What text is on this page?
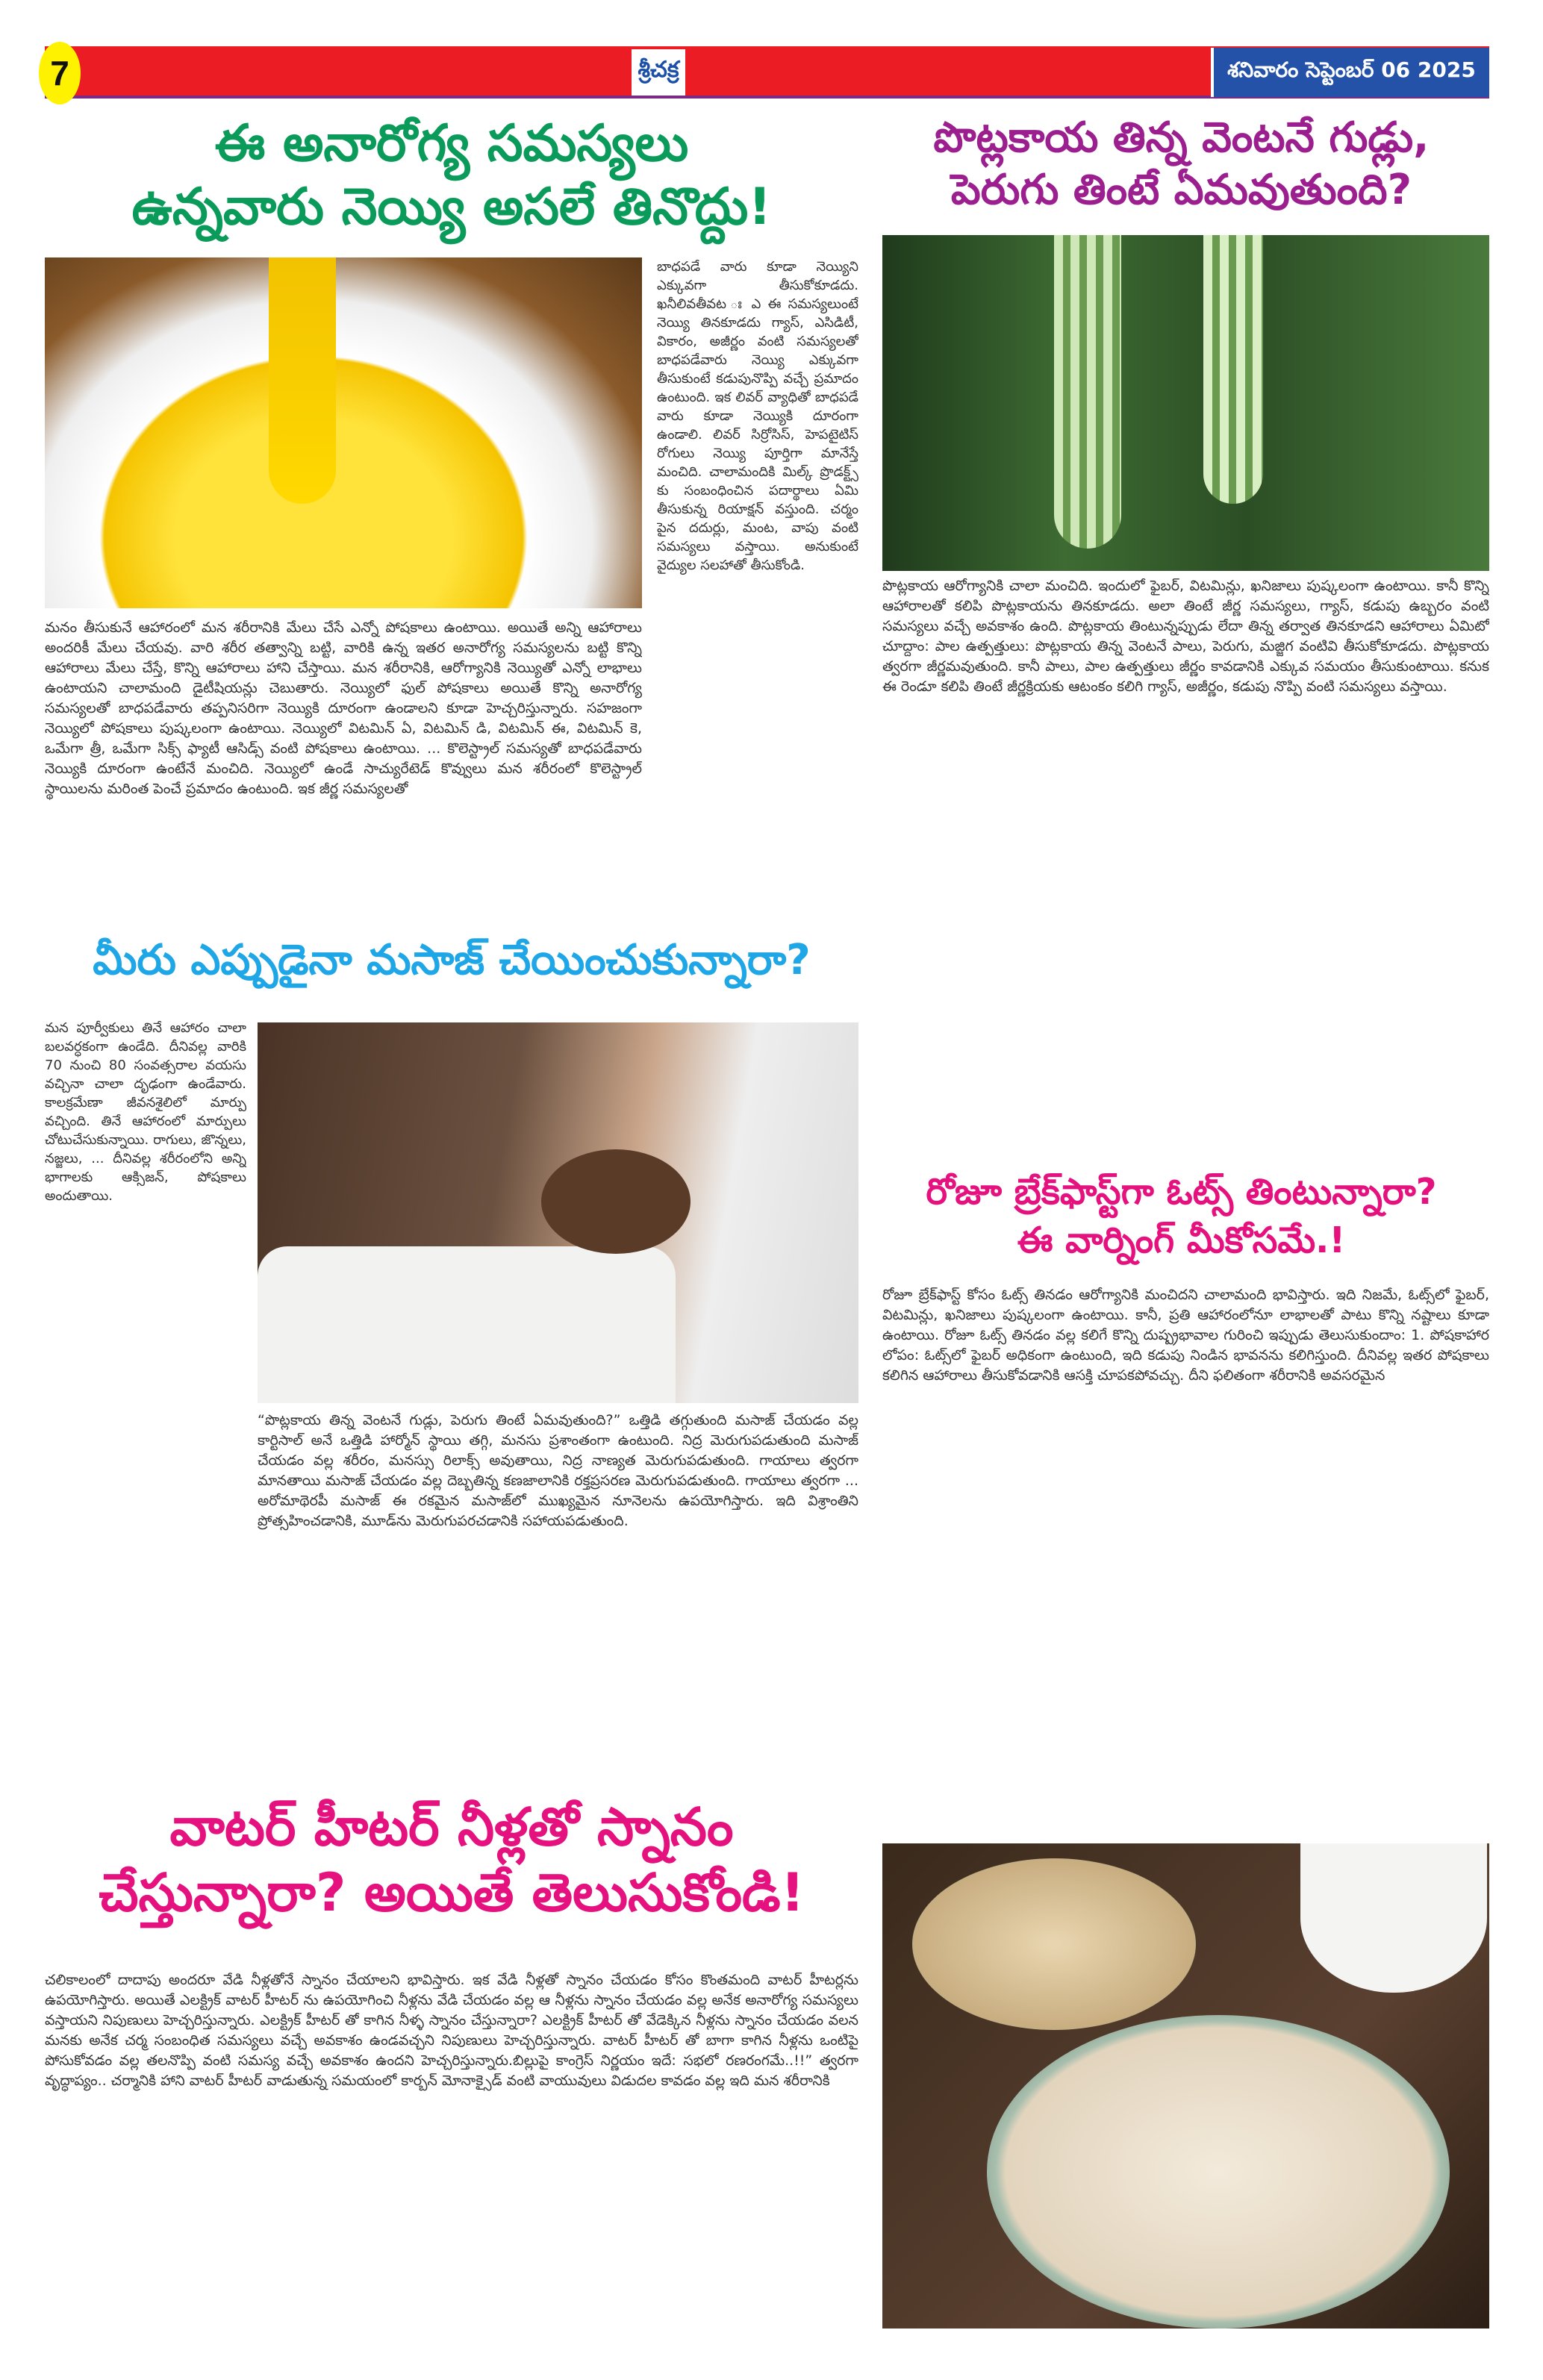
7	శ్రీచక్ర	శనివారం సెప్టెంబర్ 06 2025
ఈ అనారోగ్య సమస్యలు
ఉన్నవారు నెయ్యి అసలే తినొద్దు!
బాధపడే వారు కూడా నెయ్యిని ఎక్కువగా తీసుకోకూడదు. ఖనీలివతీవట ః ఎ ఈ సమస్యలుంటే నెయ్యి తినకూడదు గ్యాస్, ఎసిడిటీ, వికారం, అజీర్ణం వంటి సమస్యలతో బాధపడేవారు నెయ్యి ఎక్కువగా తీసుకుంటే కడుపునొప్పి వచ్చే ప్రమాదం ఉంటుంది. ఇక లివర్ వ్యాధితో బాధపడే వారు కూడా నెయ్యికి దూరంగా ఉండాలి. లివర్ సిర్రోసిస్, హెపటైటిస్ రోగులు నెయ్యి పూర్తిగా మానేస్తే మంచిది. చాలామందికి మిల్క్ ప్రొడక్ట్స్ కు సంబంధించిన పదార్థాలు ఏమి తీసుకున్న రియాక్షన్ వస్తుంది. చర్మం పైన దదుర్లు, మంట, వాపు వంటి సమస్యలు వస్తాయి. అనుకుంటే వైద్యుల సలహాతో తీసుకోండి.
మనం తీసుకునే ఆహారంలో మన శరీరానికి మేలు చేసే ఎన్నో పోషకాలు ఉంటాయి. అయితే అన్ని ఆహారాలు అందరికీ మేలు చేయవు. వారి శరీర తత్వాన్ని బట్టి, వారికి ఉన్న ఇతర అనారోగ్య సమస్యలను బట్టి కొన్ని ఆహారాలు మేలు చేస్తే, కొన్ని ఆహారాలు హాని చేస్తాయి. మన శరీరానికి, ఆరోగ్యానికి నెయ్యితో ఎన్నో లాభాలు ఉంటాయని చాలామంది డైటీషియన్లు చెబుతారు. నెయ్యిలో ఫుల్ పోషకాలు అయితే కొన్ని అనారోగ్య సమస్యలతో బాధపడేవారు తప్పనిసరిగా నెయ్యికి దూరంగా ఉండాలని కూడా హెచ్చరిస్తున్నారు. సహజంగా నెయ్యిలో పోషకాలు పుష్కలంగా ఉంటాయి. నెయ్యిలో విటమిన్ ఏ, విటమిన్ డి, విటమిన్ ఈ, విటమిన్ కె, ఒమేగా త్రీ, ఒమేగా సిక్స్ ఫ్యాటీ ఆసిడ్స్ వంటి పోషకాలు ఉంటాయి. ... కొలెస్ట్రాల్ సమస్యతో బాధపడేవారు నెయ్యికి దూరంగా ఉంటేనే మంచిది. నెయ్యిలో ఉండే సాచ్యురేటెడ్ కొవ్వులు మన శరీరంలో కొలెస్ట్రాల్ స్థాయిలను మరింత పెంచే ప్రమాదం ఉంటుంది. ఇక జీర్ణ సమస్యలతో
మీరు ఎప్పుడైనా మసాజ్ చేయించుకున్నారా?
మన పూర్వీకులు తినే ఆహారం చాలా బలవర్ధకంగా ఉండేది. దీనివల్ల వారికి 70 నుంచి 80 సంవత్సరాల వయసు వచ్చినా చాలా దృఢంగా ఉండేవారు. కాలక్రమేణా జీవనశైలిలో మార్పు వచ్చింది. తినే ఆహారంలో మార్పులు చోటుచేసుకున్నాయి. రాగులు, జొన్నలు, నజ్జలు, ... దీనివల్ల శరీరంలోని అన్ని భాగాలకు ఆక్సిజన్, పోషకాలు అందుతాయి.
“పొట్లకాయ తిన్న వెంటనే గుడ్లు, పెరుగు తింటే ఏమవుతుంది?” ఒత్తిడి తగ్గుతుంది మసాజ్ చేయడం వల్ల కార్టిసాల్ అనే ఒత్తిడి హార్మోన్ స్థాయి తగ్గి, మనసు ప్రశాంతంగా ఉంటుంది. నిద్ర మెరుగుపడుతుంది మసాజ్ చేయడం వల్ల శరీరం, మనస్సు రిలాక్స్ అవుతాయి, నిద్ర నాణ్యత మెరుగుపడుతుంది. గాయాలు త్వరగా మానతాయి మసాజ్ చేయడం వల్ల దెబ్బతిన్న కణజాలానికి రక్తప్రసరణ మెరుగుపడుతుంది. గాయాలు త్వరగా ... అరోమాథెరపీ మసాజ్ ఈ రకమైన మసాజ్‌లో ముఖ్యమైన నూనెలను ఉపయోగిస్తారు. ఇది విశ్రాంతిని ప్రోత్సహించడానికి, మూడ్‌ను మెరుగుపరచడానికి సహాయపడుతుంది.
వాటర్ హీటర్ నీళ్లతో స్నానం
చేస్తున్నారా? అయితే తెలుసుకోండి!
చలికాలంలో దాదాపు అందరూ వేడి నీళ్లతోనే స్నానం చేయాలని భావిస్తారు. ఇక వేడి నీళ్లతో స్నానం చేయడం కోసం కొంతమంది వాటర్ హీటర్లను ఉపయోగిస్తారు. అయితే ఎలక్ట్రిక్ వాటర్ హీటర్ ను ఉపయోగించి నీళ్లను వేడి చేయడం వల్ల ఆ నీళ్లను స్నానం చేయడం వల్ల అనేక అనారోగ్య సమస్యలు వస్తాయని నిపుణులు హెచ్చరిస్తున్నారు. ఎలక్ట్రిక్ హీటర్ తో కాగిన నీళ్ళ స్నానం చేస్తున్నారా? ఎలక్ట్రిక్ హీటర్ తో వేడెక్కిన నీళ్లను స్నానం చేయడం వలన మనకు అనేక చర్మ సంబంధిత సమస్యలు వచ్చే అవకాశం ఉండవచ్చని నిపుణులు హెచ్చరిస్తున్నారు. వాటర్ హీటర్ తో బాగా కాగిన నీళ్లను ఒంటిపై పోసుకోవడం వల్ల తలనొప్పి వంటి సమస్య వచ్చే అవకాశం ఉందని హెచ్చరిస్తున్నారు.బిల్లుపై కాంగ్రెస్ నిర్ణయం ఇదే: సభలో రణరంగమే..!!” త్వరగా వృద్ధాప్యం.. చర్మానికి హాని వాటర్ హీటర్ వాడుతున్న సమయంలో కార్బన్ మోనాక్సైడ్ వంటి వాయువులు విడుదల కావడం వల్ల ఇది మన శరీరానికి
పొట్లకాయ తిన్న వెంటనే గుడ్లు,
పెరుగు తింటే ఏమవుతుంది?
పొట్లకాయ ఆరోగ్యానికి చాలా మంచిది. ఇందులో ఫైబర్, విటమిన్లు, ఖనిజాలు పుష్కలంగా ఉంటాయి. కానీ కొన్ని ఆహారాలతో కలిపి పొట్లకాయను తినకూడదు. అలా తింటే జీర్ణ సమస్యలు, గ్యాస్, కడుపు ఉబ్బరం వంటి సమస్యలు వచ్చే అవకాశం ఉంది. పొట్లకాయ తింటున్నప్పుడు లేదా తిన్న తర్వాత తినకూడని ఆహారాలు ఏమిటో చూద్దాం: పాల ఉత్పత్తులు: పొట్లకాయ తిన్న వెంటనే పాలు, పెరుగు, మజ్జిగ వంటివి తీసుకోకూడదు. పొట్లకాయ త్వరగా జీర్ణమవుతుంది. కానీ పాలు, పాల ఉత్పత్తులు జీర్ణం కావడానికి ఎక్కువ సమయం తీసుకుంటాయి. కనుక ఈ రెండూ కలిపి తింటే జీర్ణక్రియకు ఆటంకం కలిగి గ్యాస్, అజీర్ణం, కడుపు నొప్పి వంటి సమస్యలు వస్తాయి.
రోజూ బ్రేక్‌ఫాస్ట్‌గా ఓట్స్ తింటున్నారా?
ఈ వార్నింగ్ మీకోసమే.!
రోజూ బ్రేక్‌ఫాస్ట్ కోసం ఓట్స్ తినడం ఆరోగ్యానికి మంచిదని చాలామంది భావిస్తారు. ఇది నిజమే, ఓట్స్‌లో ఫైబర్, విటమిన్లు, ఖనిజాలు పుష్కలంగా ఉంటాయి. కానీ, ప్రతి ఆహారంలోనూ లాభాలతో పాటు కొన్ని నష్టాలు కూడా ఉంటాయి. రోజూ ఓట్స్ తినడం వల్ల కలిగే కొన్ని దుష్ప్రభావాల గురించి ఇప్పుడు తెలుసుకుందాం: 1. పోషకాహార లోపం: ఓట్స్‌లో ఫైబర్ అధికంగా ఉంటుంది, ఇది కడుపు నిండిన భావనను కలిగిస్తుంది. దీనివల్ల ఇతర పోషకాలు కలిగిన ఆహారాలు తీసుకోవడానికి ఆసక్తి చూపకపోవచ్చు. దీని ఫలితంగా శరీరానికి అవసరమైన
